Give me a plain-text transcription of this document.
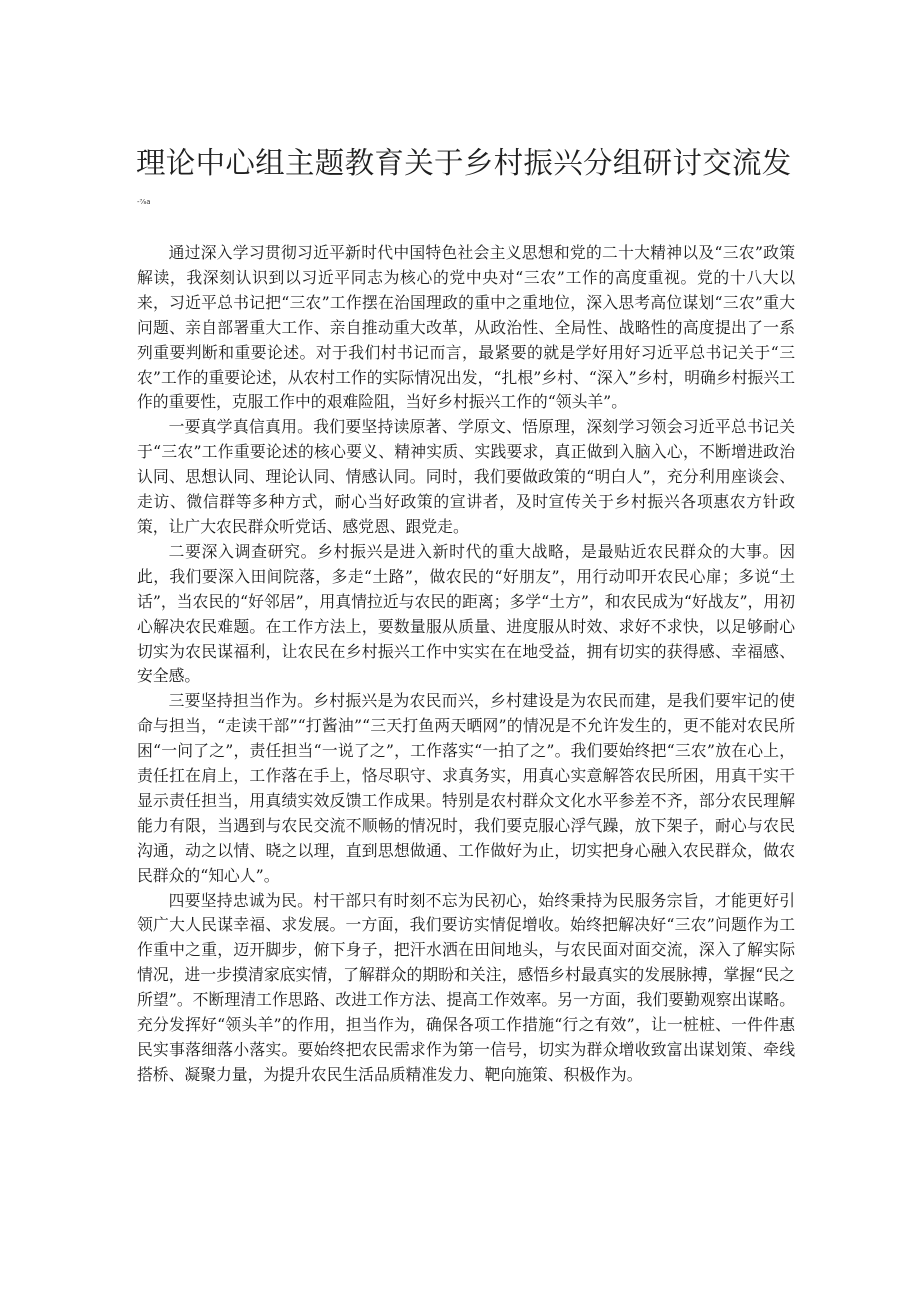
理论中心组主题教育关于乡村振兴分组研讨交流发
-⅞a

通过深入学习贯彻习近平新时代中国特色社会主义思想和党的二十大精神以及“三农”政策解读，我深刻认识到以习近平同志为核心的党中央对“三农”工作的高度重视。党的十八大以来，习近平总书记把“三农”工作摆在治国理政的重中之重地位，深入思考高位谋划“三农”重大问题、亲自部署重大工作、亲自推动重大改革，从政治性、全局性、战略性的高度提出了一系列重要判断和重要论述。对于我们村书记而言，最紧要的就是学好用好习近平总书记关于“三农”工作的重要论述，从农村工作的实际情况出发，“扎根”乡村、“深入”乡村，明确乡村振兴工作的重要性，克服工作中的艰难险阻，当好乡村振兴工作的“领头羊”。

一要真学真信真用。我们要坚持读原著、学原文、悟原理，深刻学习领会习近平总书记关于“三农”工作重要论述的核心要义、精神实质、实践要求，真正做到入脑入心，不断增进政治认同、思想认同、理论认同、情感认同。同时，我们要做政策的“明白人”，充分利用座谈会、走访、微信群等多种方式，耐心当好政策的宣讲者，及时宣传关于乡村振兴各项惠农方针政策，让广大农民群众听党话、感党恩、跟党走。

二要深入调查研究。乡村振兴是进入新时代的重大战略，是最贴近农民群众的大事。因此，我们要深入田间院落，多走“土路”，做农民的“好朋友”，用行动叩开农民心扉；多说“土话”，当农民的“好邻居”，用真情拉近与农民的距离；多学“土方”，和农民成为“好战友”，用初心解决农民难题。在工作方法上，要数量服从质量、进度服从时效、求好不求快，以足够耐心切实为农民谋福利，让农民在乡村振兴工作中实实在在地受益，拥有切实的获得感、幸福感、安全感。

三要坚持担当作为。乡村振兴是为农民而兴，乡村建设是为农民而建，是我们要牢记的使命与担当，“走读干部”“打酱油”“三天打鱼两天晒网”的情况是不允许发生的，更不能对农民所困“一问了之”，责任担当“一说了之”，工作落实“一拍了之”。我们要始终把“三农”放在心上，责任扛在肩上，工作落在手上，恪尽职守、求真务实，用真心实意解答农民所困，用真干实干显示责任担当，用真绩实效反馈工作成果。特别是农村群众文化水平参差不齐，部分农民理解能力有限，当遇到与农民交流不顺畅的情况时，我们要克服心浮气躁，放下架子，耐心与农民沟通，动之以情、晓之以理，直到思想做通、工作做好为止，切实把身心融入农民群众，做农民群众的“知心人”。

四要坚持忠诚为民。村干部只有时刻不忘为民初心，始终秉持为民服务宗旨，才能更好引领广大人民谋幸福、求发展。一方面，我们要访实情促增收。始终把解决好“三农”问题作为工作重中之重，迈开脚步，俯下身子，把汗水洒在田间地头，与农民面对面交流，深入了解实际情况，进一步摸清家底实情，了解群众的期盼和关注，感悟乡村最真实的发展脉搏，掌握“民之所望”。不断理清工作思路、改进工作方法、提高工作效率。另一方面，我们要勤观察出谋略。充分发挥好“领头羊”的作用，担当作为，确保各项工作措施“行之有效”，让一桩桩、一件件惠民实事落细落小落实。要始终把农民需求作为第一信号，切实为群众增收致富出谋划策、牵线搭桥、凝聚力量，为提升农民生活品质精准发力、靶向施策、积极作为。
